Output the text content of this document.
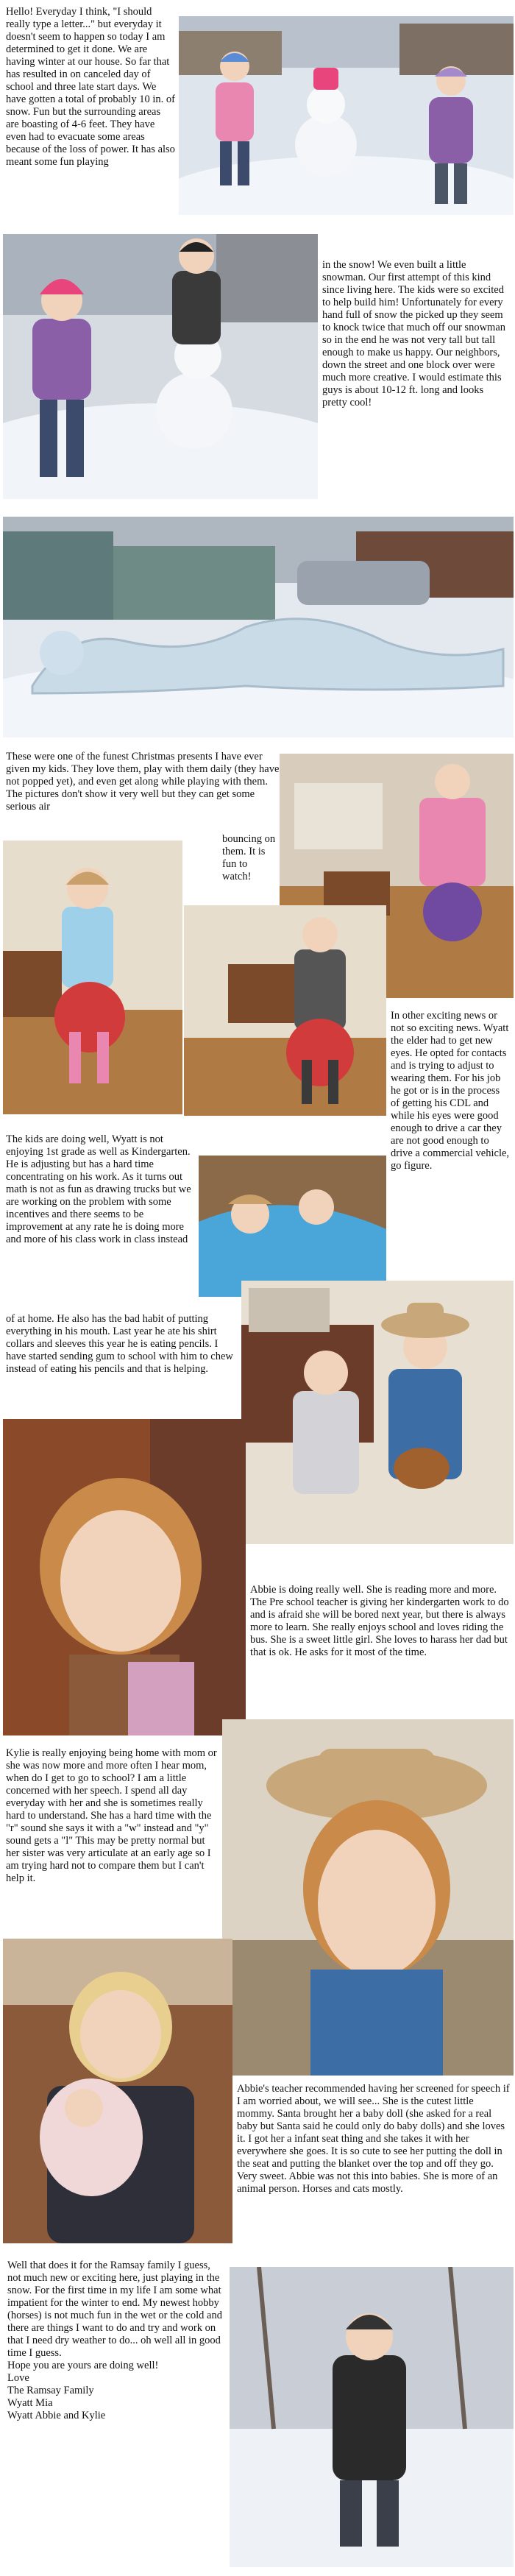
Hello! Everyday I think, "I should really type a letter..." but everyday it doesn't seem to happen so today I am determined to get it done. We are having winter at our house. So far that has resulted in on canceled day of school and three late start days. We have gotten a total of probably 10 in. of snow. Fun but the surrounding areas are boasting of 4-6 feet. They have even had to evacuate some areas because of the loss of power. It has also meant some fun playing

in the snow! We even built a little snowman. Our first attempt of this kind since living here. The kids were so excited to help build him! Unfortunately for every hand full of snow the picked up they seem to knock twice that much off our snowman so in the end he was not very tall but tall enough to make us happy. Our neighbors, down the street and one block over were much more creative. I would estimate this guys is about 10-12 ft. long and looks pretty cool!

These were one of the funest Christmas presents I have ever given my kids. They love them, play with them daily (they have not popped yet), and even get along while playing with them. The pictures don't show it very well but they can get some serious air

bouncing on them. It is fun to watch!

In other exciting news or not so exciting news. Wyatt the elder had to get new eyes. He opted for contacts and is trying to adjust to wearing them. For his job he got or is in the process of getting his CDL and while his eyes were good enough to drive a car they are not good enough to drive a commercial vehicle, go figure.

The kids are doing well, Wyatt is not enjoying 1st grade as well as Kindergarten. He is adjusting but has a hard time concentrating on his work. As it turns out math is not as fun as drawing trucks but we are working on the problem with some incentives and there seems to be improvement at any rate he is doing more and more of his class work in class instead

of at home. He also has the bad habit of putting everything in his mouth. Last year he ate his shirt collars and sleeves this year he is eating pencils. I have started sending gum to school with him to chew instead of eating his pencils and that is helping.

Abbie is doing really well. She is reading more and more. The Pre school teacher is giving her kindergarten work to do and is afraid she will be bored next year, but there is always more to learn. She really enjoys school and loves riding the bus. She is a sweet little girl. She loves to harass her dad but that is ok. He asks for it most of the time.

Kylie is really enjoying being home with mom or she was now more and more often I hear mom, when do I get to go to school? I am a little concerned with her speech. I spend all day everyday with her and she is sometimes really hard to understand. She has a hard time with the "r" sound she says it with a "w" instead and "y" sound gets a "l" This may be pretty normal but her sister was very articulate at an early age so I am trying hard not to compare them but I can't help it.

Abbie's teacher recommended having her screened for speech if I am worried about, we will see... She is the cutest little mommy. Santa brought her a baby doll (she asked for a real baby but Santa said he could only do baby dolls) and she loves it. I got her a infant seat thing and she takes it with her everywhere she goes. It is so cute to see her putting the doll in the seat and putting the blanket over the top and off they go. Very sweet. Abbie was not this into babies. She is more of an animal person. Horses and cats mostly.

Well that does it for the Ramsay family I guess, not much new or exciting here, just playing in the snow. For the first time in my life I am some what impatient for the winter to end. My newest hobby (horses) is not much fun in the wet or the cold and there are things I want to do and try and work on that I need dry weather to do... oh well all in good time I guess.
Hope you are yours are doing well!
Love
The Ramsay Family
Wyatt Mia
Wyatt Abbie and Kylie
